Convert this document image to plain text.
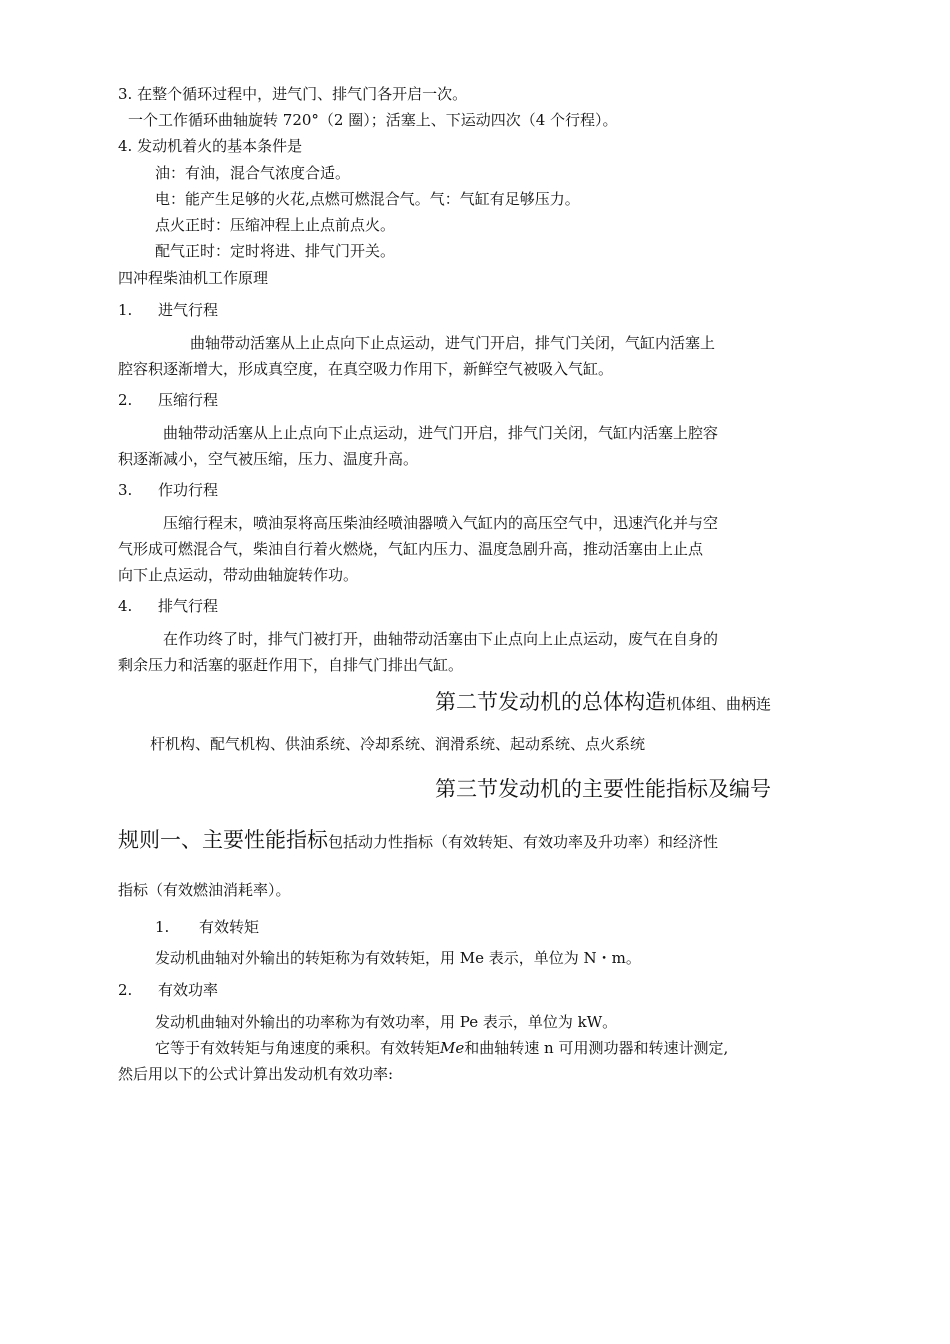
3. 在整个循环过程中，进气门、排气门各开启一次。
一个工作循环曲轴旋转 720°（2 圈）；活塞上、下运动四次（4 个行程）。
4. 发动机着火的基本条件是
油：有油，混合气浓度合适。
电：能产生足够的火花,点燃可燃混合气。气：气缸有足够压力。
点火正时：压缩冲程上止点前点火。
配气正时：定时将进、排气门开关。
四冲程柴油机工作原理
1. 进气行程
曲轴带动活塞从上止点向下止点运动，进气门开启，排气门关闭，气缸内活塞上
腔容积逐渐增大，形成真空度，在真空吸力作用下，新鲜空气被吸入气缸。
2. 压缩行程
曲轴带动活塞从上止点向下止点运动，进气门开启，排气门关闭，气缸内活塞上腔容
积逐渐减小，空气被压缩，压力、温度升高。
3. 作功行程
压缩行程末，喷油泵将高压柴油经喷油器喷入气缸内的高压空气中，迅速汽化并与空
气形成可燃混合气，柴油自行着火燃烧，气缸内压力、温度急剧升高，推动活塞由上止点
向下止点运动，带动曲轴旋转作功。
4. 排气行程
在作功终了时，排气门被打开，曲轴带动活塞由下止点向上止点运动，废气在自身的
剩余压力和活塞的驱赶作用下，自排气门排出气缸。
第二节发动机的总体构造机体组、曲柄连
杆机构、配气机构、供油系统、冷却系统、润滑系统、起动系统、点火系统
第三节发动机的主要性能指标及编号
规则一、主要性能指标包括动力性指标（有效转矩、有效功率及升功率）和经济性
指标（有效燃油消耗率）。
1. 有效转矩
发动机曲轴对外输出的转矩称为有效转矩，用 Me 表示，单位为 N・m。
2. 有效功率
发动机曲轴对外输出的功率称为有效功率，用 Pe 表示，单位为 kW。
它等于有效转矩与角速度的乘积。有效转矩Me和曲轴转速 n 可用测功器和转速计测定,
然后用以下的公式计算出发动机有效功率:
